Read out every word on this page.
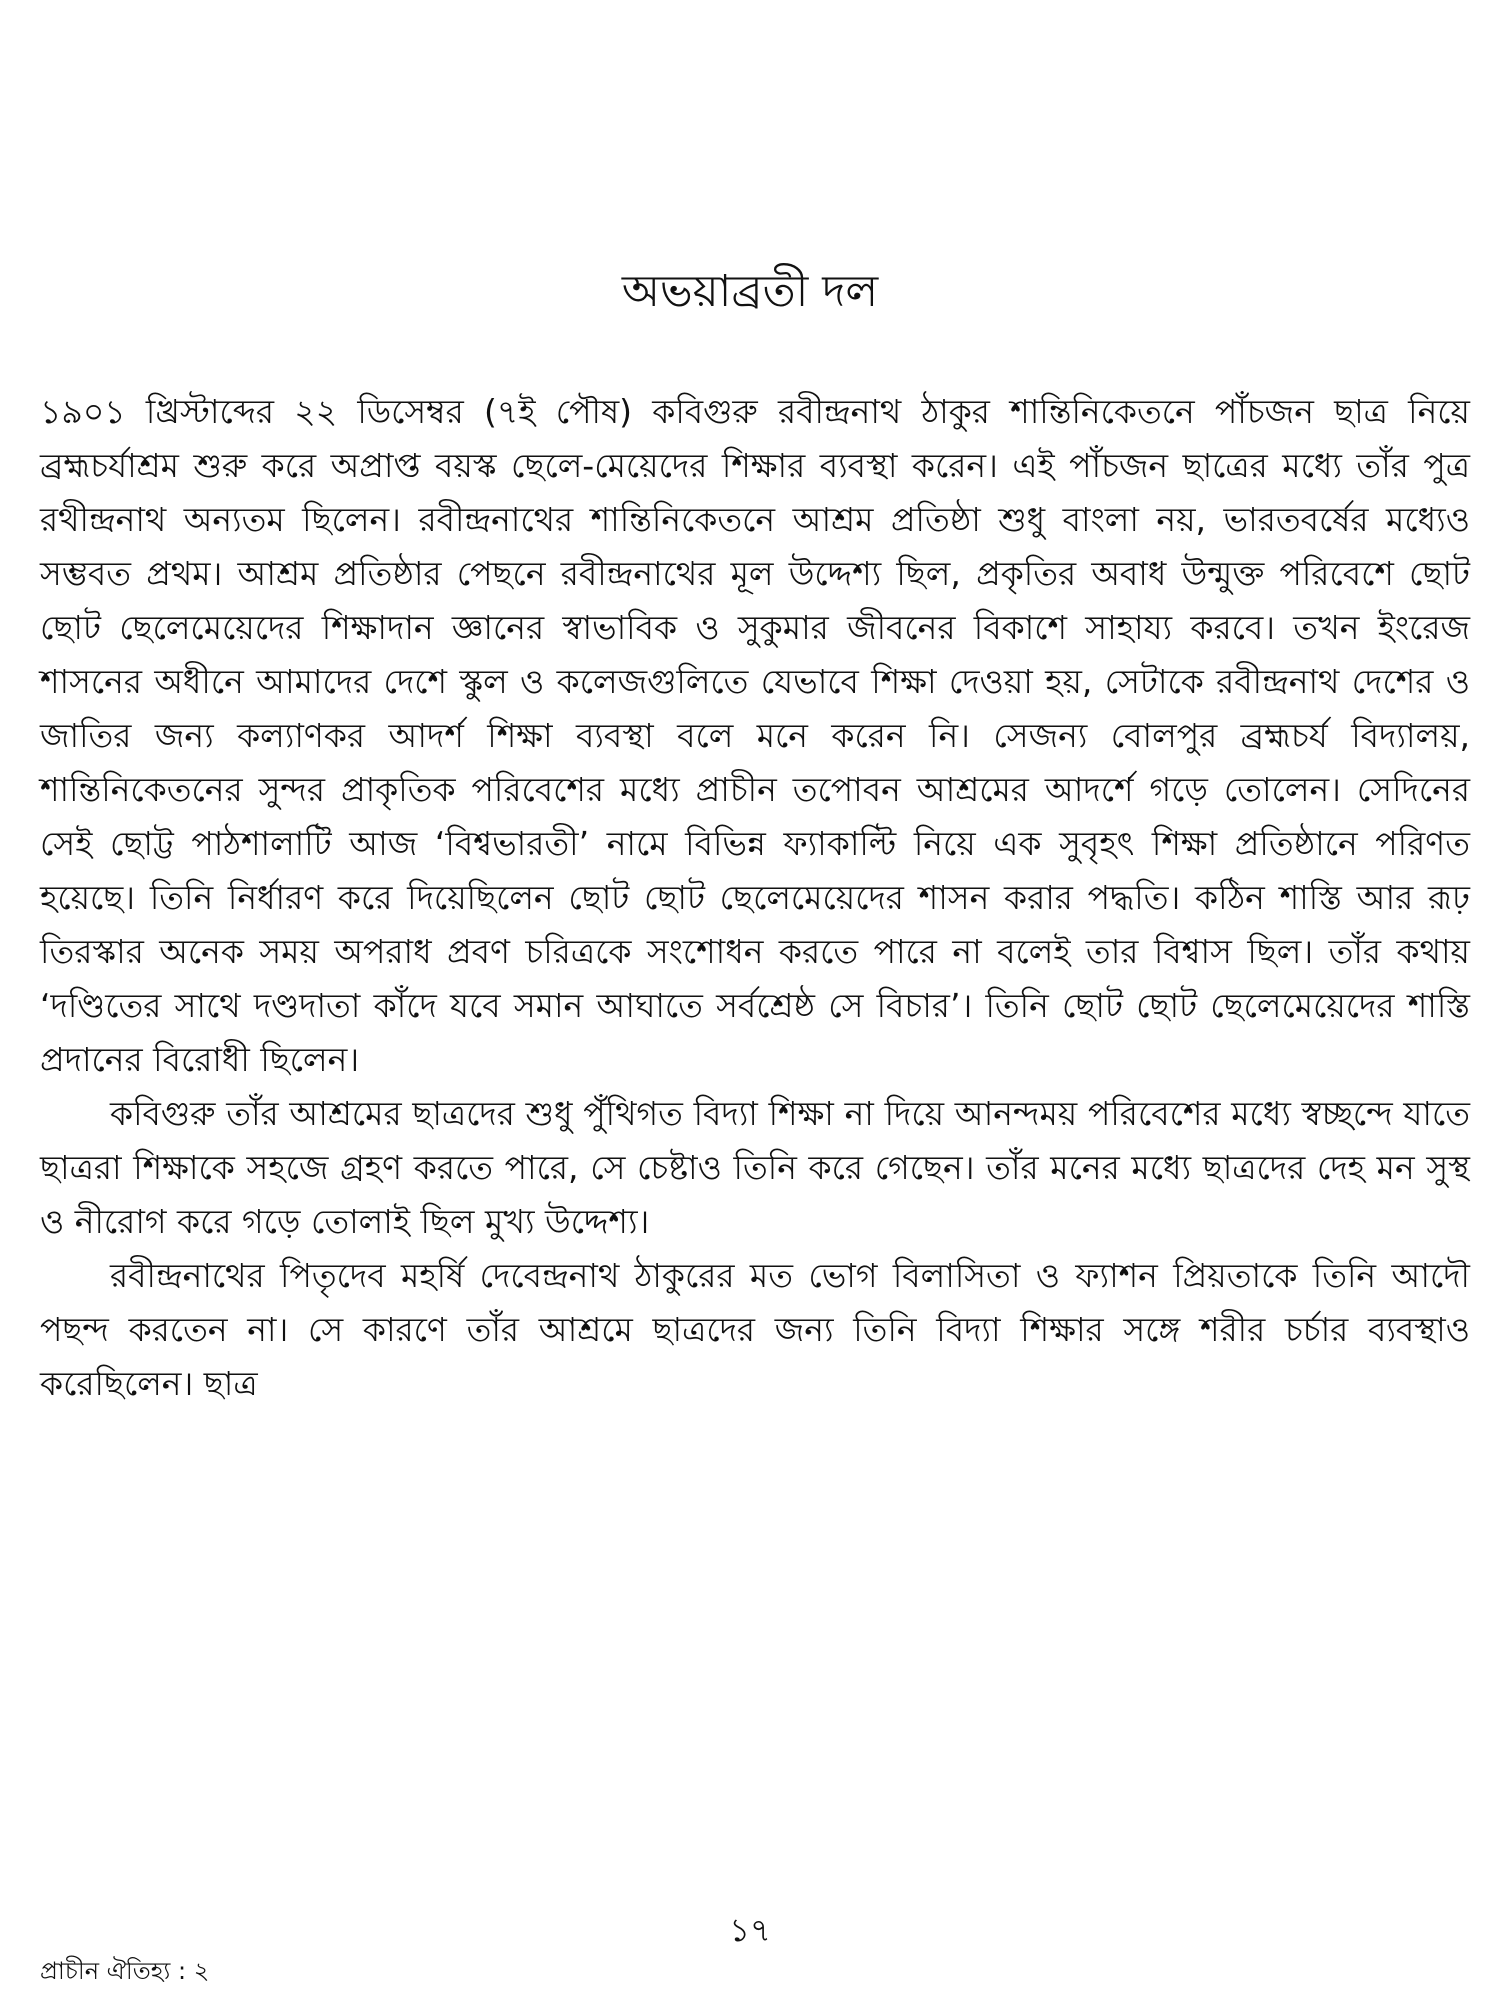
অভয়াব্রতী দল

১৯০১ খ্রিস্টাব্দের ২২ ডিসেম্বর (৭ই পৌষ) কবিগুরু রবীন্দ্রনাথ ঠাকুর শান্তিনিকেতনে পাঁচজন ছাত্র নিয়ে ব্রহ্মচর্যাশ্রম শুরু করে অপ্রাপ্ত বয়স্ক ছেলে-মেয়েদের শিক্ষার ব্যবস্থা করেন। এই পাঁচজন ছাত্রের মধ্যে তাঁর পুত্র রথীন্দ্রনাথ অন্যতম ছিলেন। রবীন্দ্রনাথের শান্তিনিকেতনে আশ্রম প্রতিষ্ঠা শুধু বাংলা নয়, ভারতবর্ষের মধ্যেও সম্ভবত প্রথম। আশ্রম প্রতিষ্ঠার পেছনে রবীন্দ্রনাথের মূল উদ্দেশ্য ছিল, প্রকৃতির অবাধ উন্মুক্ত পরিবেশে ছোট ছোট ছেলেমেয়েদের শিক্ষাদান জ্ঞানের স্বাভাবিক ও সুকুমার জীবনের বিকাশে সাহায্য করবে। তখন ইংরেজ শাসনের অধীনে আমাদের দেশে স্কুল ও কলেজগুলিতে যেভাবে শিক্ষা দেওয়া হয়, সেটাকে রবীন্দ্রনাথ দেশের ও জাতির জন্য কল্যাণকর আদর্শ শিক্ষা ব্যবস্থা বলে মনে করেন নি। সেজন্য বোলপুর ব্রহ্মচর্য বিদ্যালয়, শান্তিনিকেতনের সুন্দর প্রাকৃতিক পরিবেশের মধ্যে প্রাচীন তপোবন আশ্রমের আদর্শে গড়ে তোলেন। সেদিনের সেই ছোট্ট পাঠশালাটি আজ ‘বিশ্বভারতী’ নামে বিভিন্ন ফ্যাকাল্টি নিয়ে এক সুবৃহৎ শিক্ষা প্রতিষ্ঠানে পরিণত হয়েছে। তিনি নির্ধারণ করে দিয়েছিলেন ছোট ছোট ছেলেমেয়েদের শাসন করার পদ্ধতি। কঠিন শাস্তি আর রূঢ় তিরস্কার অনেক সময় অপরাধ প্রবণ চরিত্রকে সংশোধন করতে পারে না বলেই তার বিশ্বাস ছিল। তাঁর কথায় ‘দণ্ডিতের সাথে দণ্ডদাতা কাঁদে যবে সমান আঘাতে সর্বশ্রেষ্ঠ সে বিচার’। তিনি ছোট ছোট ছেলেমেয়েদের শাস্তি প্রদানের বিরোধী ছিলেন।

কবিগুরু তাঁর আশ্রমের ছাত্রদের শুধু পুঁথিগত বিদ্যা শিক্ষা না দিয়ে আনন্দময় পরিবেশের মধ্যে স্বচ্ছন্দে যাতে ছাত্ররা শিক্ষাকে সহজে গ্রহণ করতে পারে, সে চেষ্টাও তিনি করে গেছেন। তাঁর মনের মধ্যে ছাত্রদের দেহ মন সুস্থ ও নীরোগ করে গড়ে তোলাই ছিল মুখ্য উদ্দেশ্য।

রবীন্দ্রনাথের পিতৃদেব মহর্ষি দেবেন্দ্রনাথ ঠাকুরের মত ভোগ বিলাসিতা ও ফ্যাশন প্রিয়তাকে তিনি আদৌ পছন্দ করতেন না। সে কারণে তাঁর আশ্রমে ছাত্রদের জন্য তিনি বিদ্যা শিক্ষার সঙ্গে শরীর চর্চার ব্যবস্থাও করেছিলেন। ছাত্র

১৭
প্রাচীন ঐতিহ্য : ২
